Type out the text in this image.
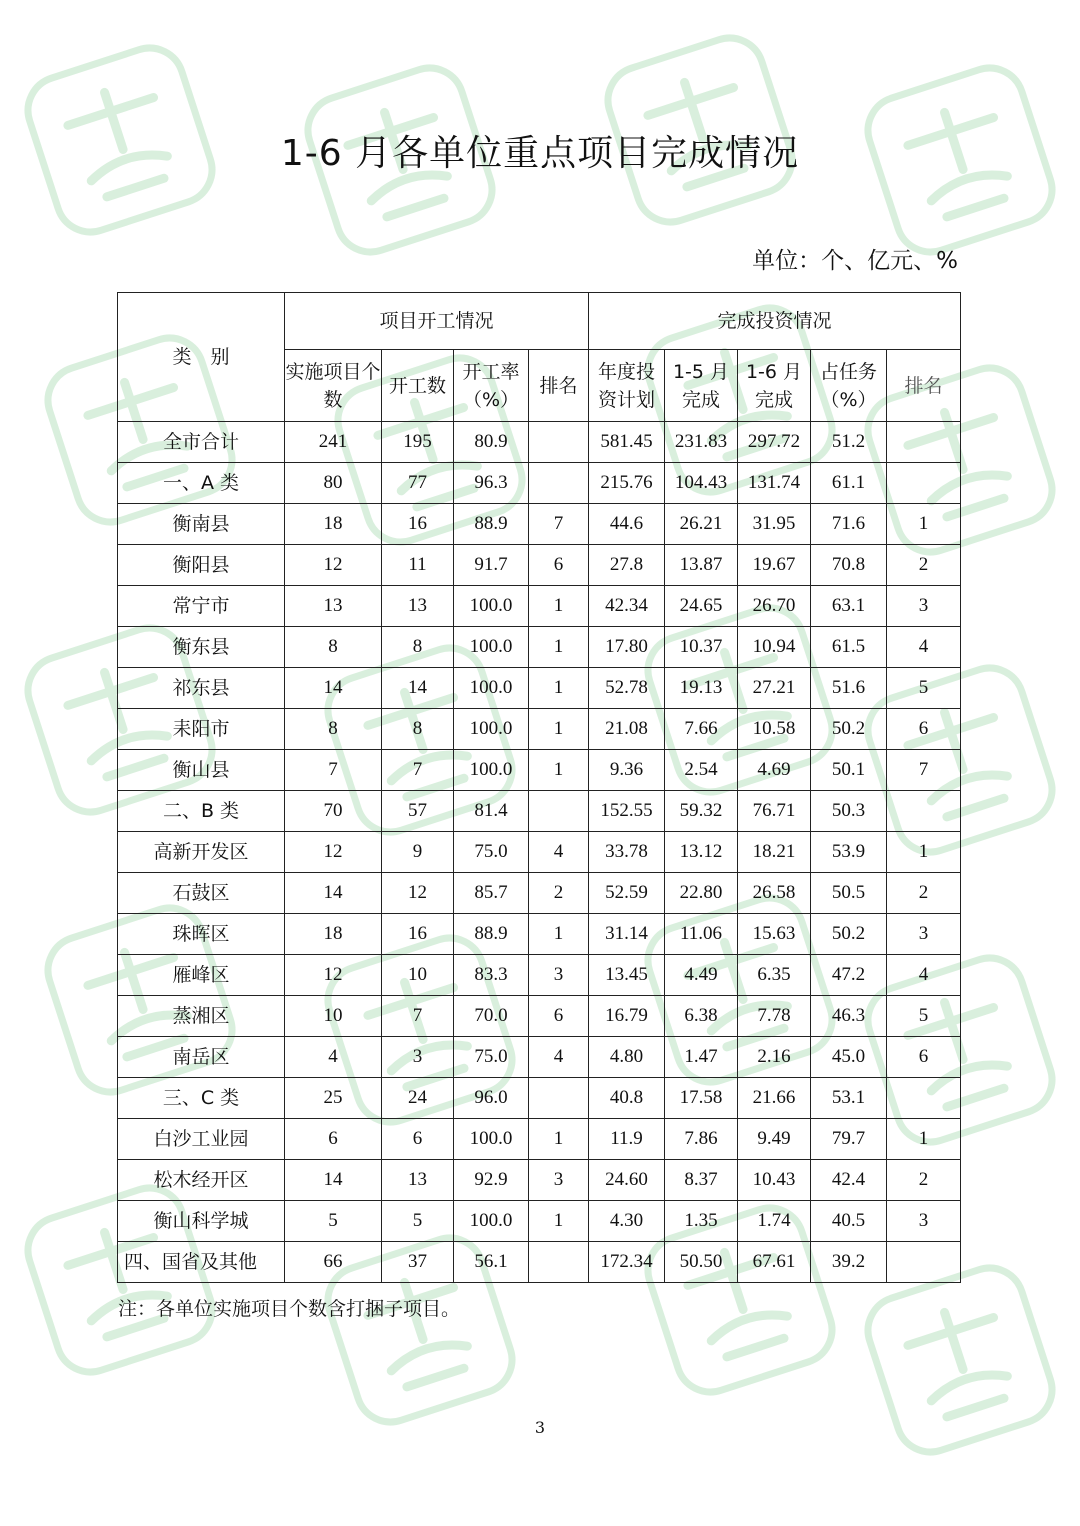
1-6 月各单位重点项目完成情况
单位：个、亿元、%
类　别	项目开工情况				完成投资情况				
	实施项目个数	开工数	开工率（%）	排名	年度投资计划	1-5 月完成	1-6 月完成	占任务（%）	排名
全市合计	241	195	80.9		581.45	231.83	297.72	51.2	
一、A 类	80	77	96.3		215.76	104.43	131.74	61.1	
衡南县	18	16	88.9	7	44.6	26.21	31.95	71.6	1
衡阳县	12	11	91.7	6	27.8	13.87	19.67	70.8	2
常宁市	13	13	100.0	1	42.34	24.65	26.70	63.1	3
衡东县	8	8	100.0	1	17.80	10.37	10.94	61.5	4
祁东县	14	14	100.0	1	52.78	19.13	27.21	51.6	5
耒阳市	8	8	100.0	1	21.08	7.66	10.58	50.2	6
衡山县	7	7	100.0	1	9.36	2.54	4.69	50.1	7
二、B 类	70	57	81.4		152.55	59.32	76.71	50.3	
高新开发区	12	9	75.0	4	33.78	13.12	18.21	53.9	1
石鼓区	14	12	85.7	2	52.59	22.80	26.58	50.5	2
珠晖区	18	16	88.9	1	31.14	11.06	15.63	50.2	3
雁峰区	12	10	83.3	3	13.45	4.49	6.35	47.2	4
蒸湘区	10	7	70.0	6	16.79	6.38	7.78	46.3	5
南岳区	4	3	75.0	4	4.80	1.47	2.16	45.0	6
三、C 类	25	24	96.0		40.8	17.58	21.66	53.1	
白沙工业园	6	6	100.0	1	11.9	7.86	9.49	79.7	1
松木经开区	14	13	92.9	3	24.60	8.37	10.43	42.4	2
衡山科学城	5	5	100.0	1	4.30	1.35	1.74	40.5	3
四、国省及其他	66	37	56.1		172.34	50.50	67.61	39.2	
注：各单位实施项目个数含打捆子项目。
3
